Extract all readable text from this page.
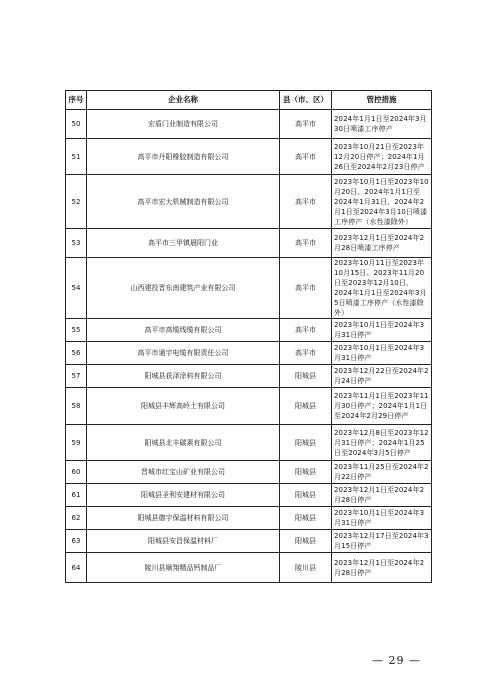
序号	企业名称	县（市、区）	管控措施
50	宏盾门业制造有限公司	高平市	2024年1月1日至2024年3月30日喷漆工序停产
51	高平市丹阳橡胶制造有限公司	高平市	2023年10月21日至2023年12月20日停产；2024年1月26日至2024年2月23日停产
52	高平市宏大机械制造有限公司	高平市	2023年10月1日至2023年10月20日、2024年1月1日至2024年1月31日、2024年2月1日至2024年3月10日喷漆工序停产（水性漆除外）
53	高平市三甲镇晨阳门业	高平市	2023年12月1日至2024年2月28日喷漆工序停产
54	山西建投晋东南建筑产业有限公司	高平市	2023年10月11日至2023年10月15日、2023年11月20日至2023年12月10日、2024年1月1日至2024年3月5日喷漆工序停产（水性漆除外）
55	高平市高缆线缆有限公司	高平市	2023年10月1日至2024年3月31日停产
56	高平市通宇电缆有限责任公司	高平市	2023年10月1日至2024年3月31日停产
57	阳城县获泽涂料有限公司	阳城县	2023年12月22日至2024年2月24日停产
58	阳城县丰辉高岭土有限公司	阳城县	2023年11月1日至2023年11月30日停产；2024年1月1日至2024年2月29日停产
59	阳城县北丰碳素有限公司	阳城县	2023年12月8日至2023年12月31日停产；2024年1月25日至2024年3月5日停产
60	晋城市红宝山矿业有限公司	阳城县	2023年11月25日至2024年2月22日停产
61	阳城县圣利安建材有限公司	阳城县	2023年12月1日至2024年2月28日停产
62	阳城县德宇保温材料有限公司	阳城县	2023年10月1日至2024年3月31日停产
63	阳城县安昌保温材料厂	阳城县	2023年12月17日至2024年3月15日停产
64	陵川县顺翔精品钙制品厂	陵川县	2023年12月1日至2024年2月28日停产
— 29 —
